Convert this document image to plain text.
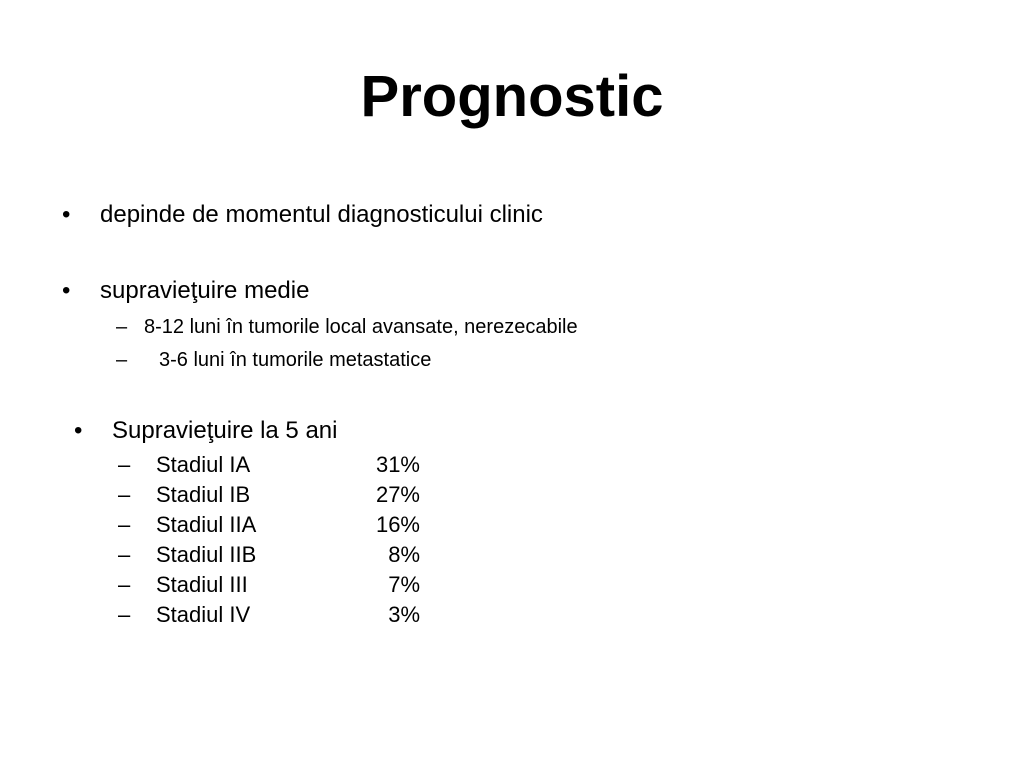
Prognostic
• depinde de momentul diagnosticului clinic
• supravieţuire medie
– 8-12 luni în tumorile local avansate, nerezecabile
– 3-6 luni în tumorile metastatice
• Supravieţuire la 5 ani
– Stadiul IA	31%
– Stadiul IB	27%
– Stadiul IIA	16%
– Stadiul IIB	8%
– Stadiul III	7%
– Stadiul IV	3%
